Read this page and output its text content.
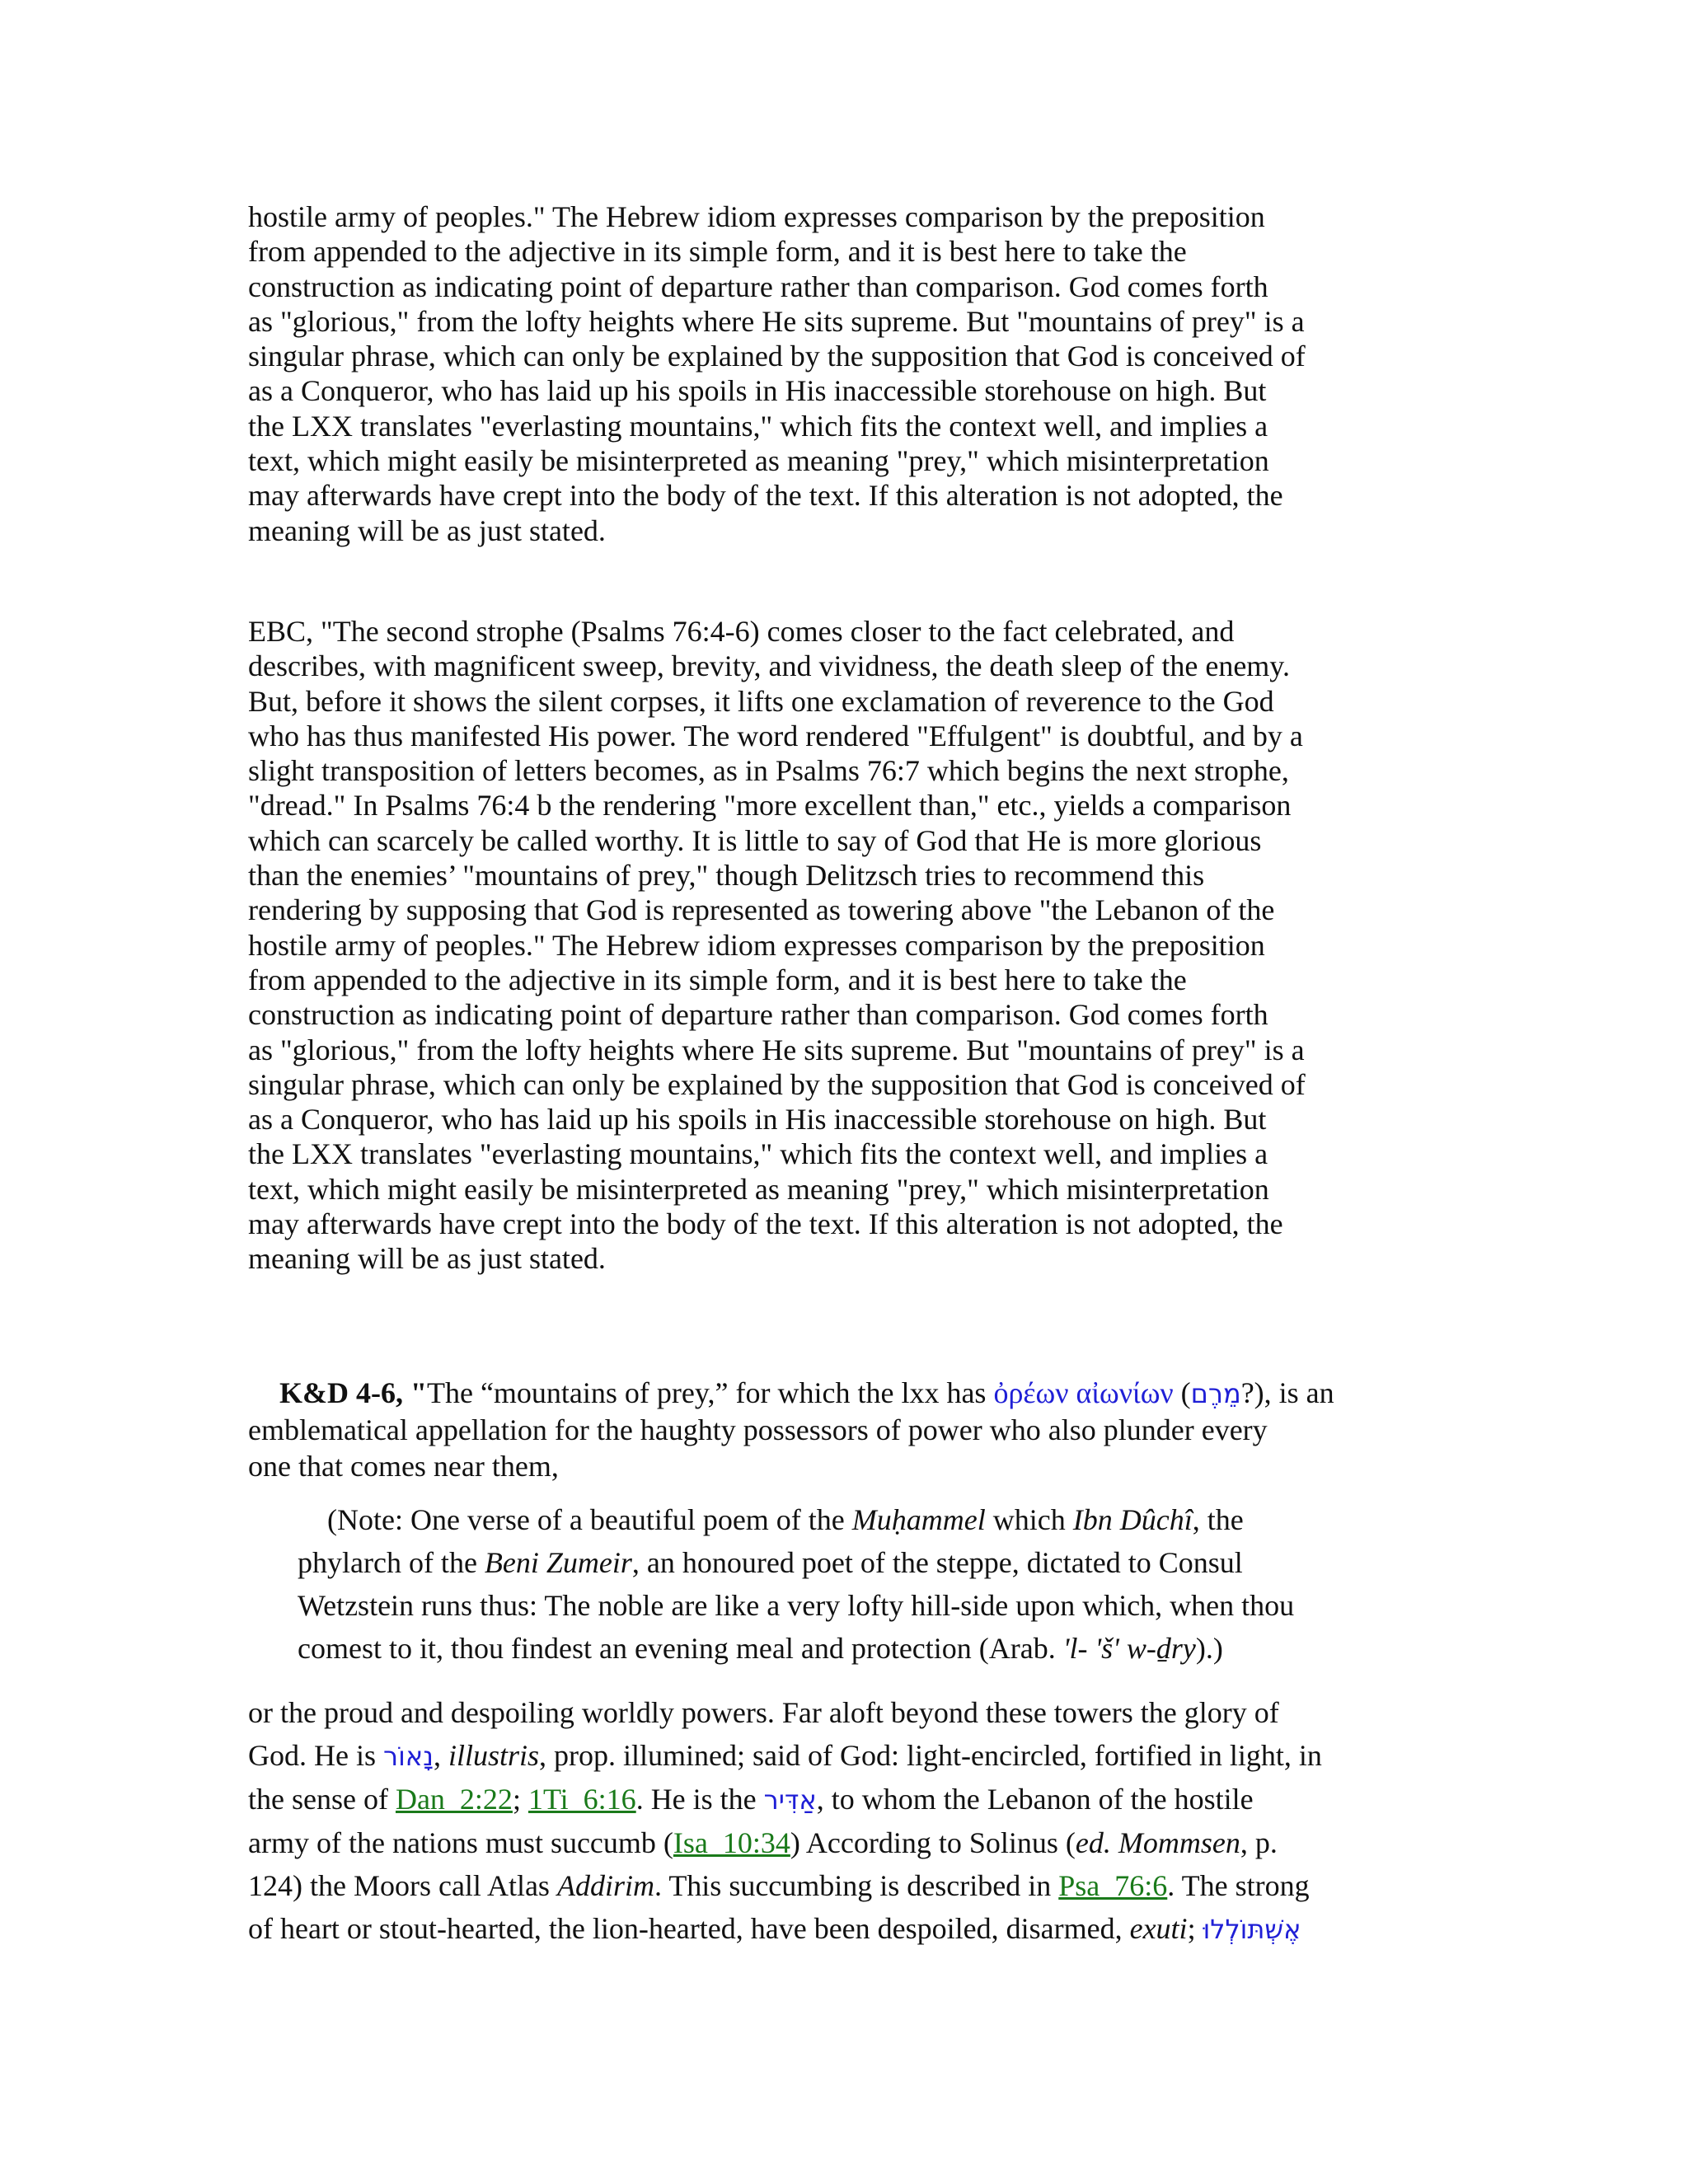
hostile army of peoples." The Hebrew idiom expresses comparison by the preposition
from appended to the adjective in its simple form, and it is best here to take the
construction as indicating point of departure rather than comparison. God comes forth
as "glorious," from the lofty heights where He sits supreme. But "mountains of prey" is a
singular phrase, which can only be explained by the supposition that God is conceived of
as a Conqueror, who has laid up his spoils in His inaccessible storehouse on high. But
the LXX translates "everlasting mountains," which fits the context well, and implies a
text, which might easily be misinterpreted as meaning "prey," which misinterpretation
may afterwards have crept into the body of the text. If this alteration is not adopted, the
meaning will be as just stated.
EBC, "The second strophe (Psalms 76:4-6) comes closer to the fact celebrated, and
describes, with magnificent sweep, brevity, and vividness, the death sleep of the enemy.
But, before it shows the silent corpses, it lifts one exclamation of reverence to the God
who has thus manifested His power. The word rendered "Effulgent" is doubtful, and by a
slight transposition of letters becomes, as in Psalms 76:7 which begins the next strophe,
"dread." In Psalms 76:4 b the rendering "more excellent than," etc., yields a comparison
which can scarcely be called worthy. It is little to say of God that He is more glorious
than the enemies’ "mountains of prey," though Delitzsch tries to recommend this
rendering by supposing that God is represented as towering above "the Lebanon of the
hostile army of peoples." The Hebrew idiom expresses comparison by the preposition
from appended to the adjective in its simple form, and it is best here to take the
construction as indicating point of departure rather than comparison. God comes forth
as "glorious," from the lofty heights where He sits supreme. But "mountains of prey" is a
singular phrase, which can only be explained by the supposition that God is conceived of
as a Conqueror, who has laid up his spoils in His inaccessible storehouse on high. But
the LXX translates "everlasting mountains," which fits the context well, and implies a
text, which might easily be misinterpreted as meaning "prey," which misinterpretation
may afterwards have crept into the body of the text. If this alteration is not adopted, the
meaning will be as just stated.
K&D 4-6, "The “mountains of prey,” for which the lxx has ὀρέων αἰωνίων (מֵרֶם?), is an
emblematical appellation for the haughty possessors of power who also plunder every
one that comes near them,
(Note: One verse of a beautiful poem of the Muḥammel which Ibn Dûchî, the
phylarch of the Beni Zumeir, an honoured poet of the steppe, dictated to Consul
Wetzstein runs thus: The noble are like a very lofty hill-side upon which, when thou
comest to it, thou findest an evening meal and protection (Arab. 'l- 'š' w-ḏry).)
or the proud and despoiling worldly powers. Far aloft beyond these towers the glory of
God. He is נָאוֹר, illustris, prop. illumined; said of God: light-encircled, fortified in light, in
the sense of Dan_2:22; 1Ti_6:16. He is the אַדִּיר, to whom the Lebanon of the hostile
army of the nations must succumb (Isa_10:34) According to Solinus (ed. Mommsen, p.
124) the Moors call Atlas Addirim. This succumbing is described in Psa_76:6. The strong
of heart or stout-hearted, the lion-hearted, have been despoiled, disarmed, exuti; אֶשְׁתּוֹלְלוּ
